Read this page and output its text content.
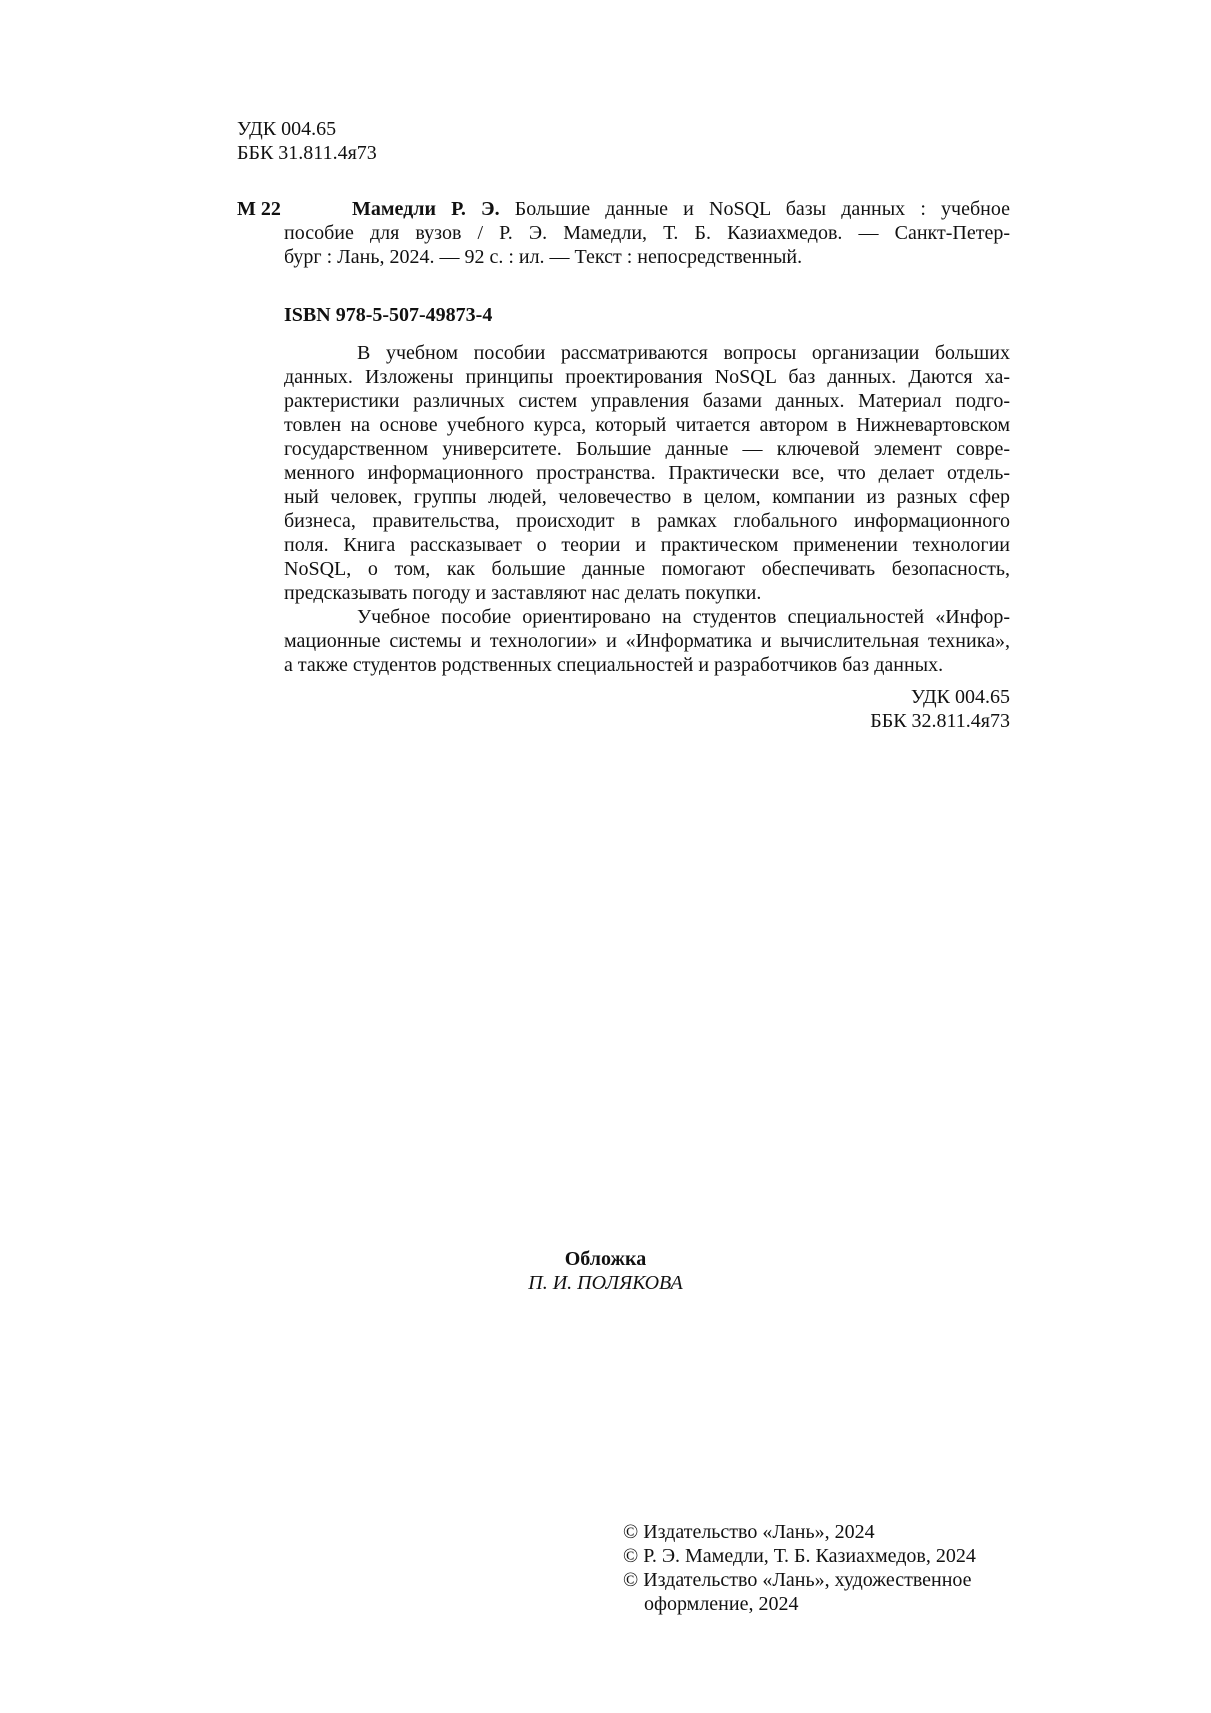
УДК 004.65
ББК 31.811.4я73
М 22	Мамедли Р. Э. Большие данные и NoSQL базы данных : учебное
пособие для вузов / Р. Э. Мамедли, Т. Б. Казиахмедов. — Санкт-Петер-
бург : Лань, 2024. — 92 с. : ил. — Текст : непосредственный.
ISBN 978-5-507-49873-4
В учебном пособии рассматриваются вопросы организации больших
данных. Изложены принципы проектирования NoSQL баз данных. Даются ха-
рактеристики различных систем управления базами данных. Материал подго-
товлен на основе учебного курса, который читается автором в Нижневартовском
государственном университете. Большие данные — ключевой элемент совре-
менного информационного пространства. Практически все, что делает отдель-
ный человек, группы людей, человечество в целом, компании из разных сфер
бизнеса, правительства, происходит в рамках глобального информационного
поля. Книга рассказывает о теории и практическом применении технологии
NoSQL, о том, как большие данные помогают обеспечивать безопасность,
предсказывать погоду и заставляют нас делать покупки.
Учебное пособие ориентировано на студентов специальностей «Инфор-
мационные системы и технологии» и «Информатика и вычислительная техника»,
а также студентов родственных специальностей и разработчиков баз данных.
УДК 004.65
ББК 32.811.4я73
Обложка
П. И. ПОЛЯКОВА
© Издательство «Лань», 2024
© Р. Э. Мамедли, Т. Б. Казиахмедов, 2024
© Издательство «Лань», художественное
оформление, 2024
